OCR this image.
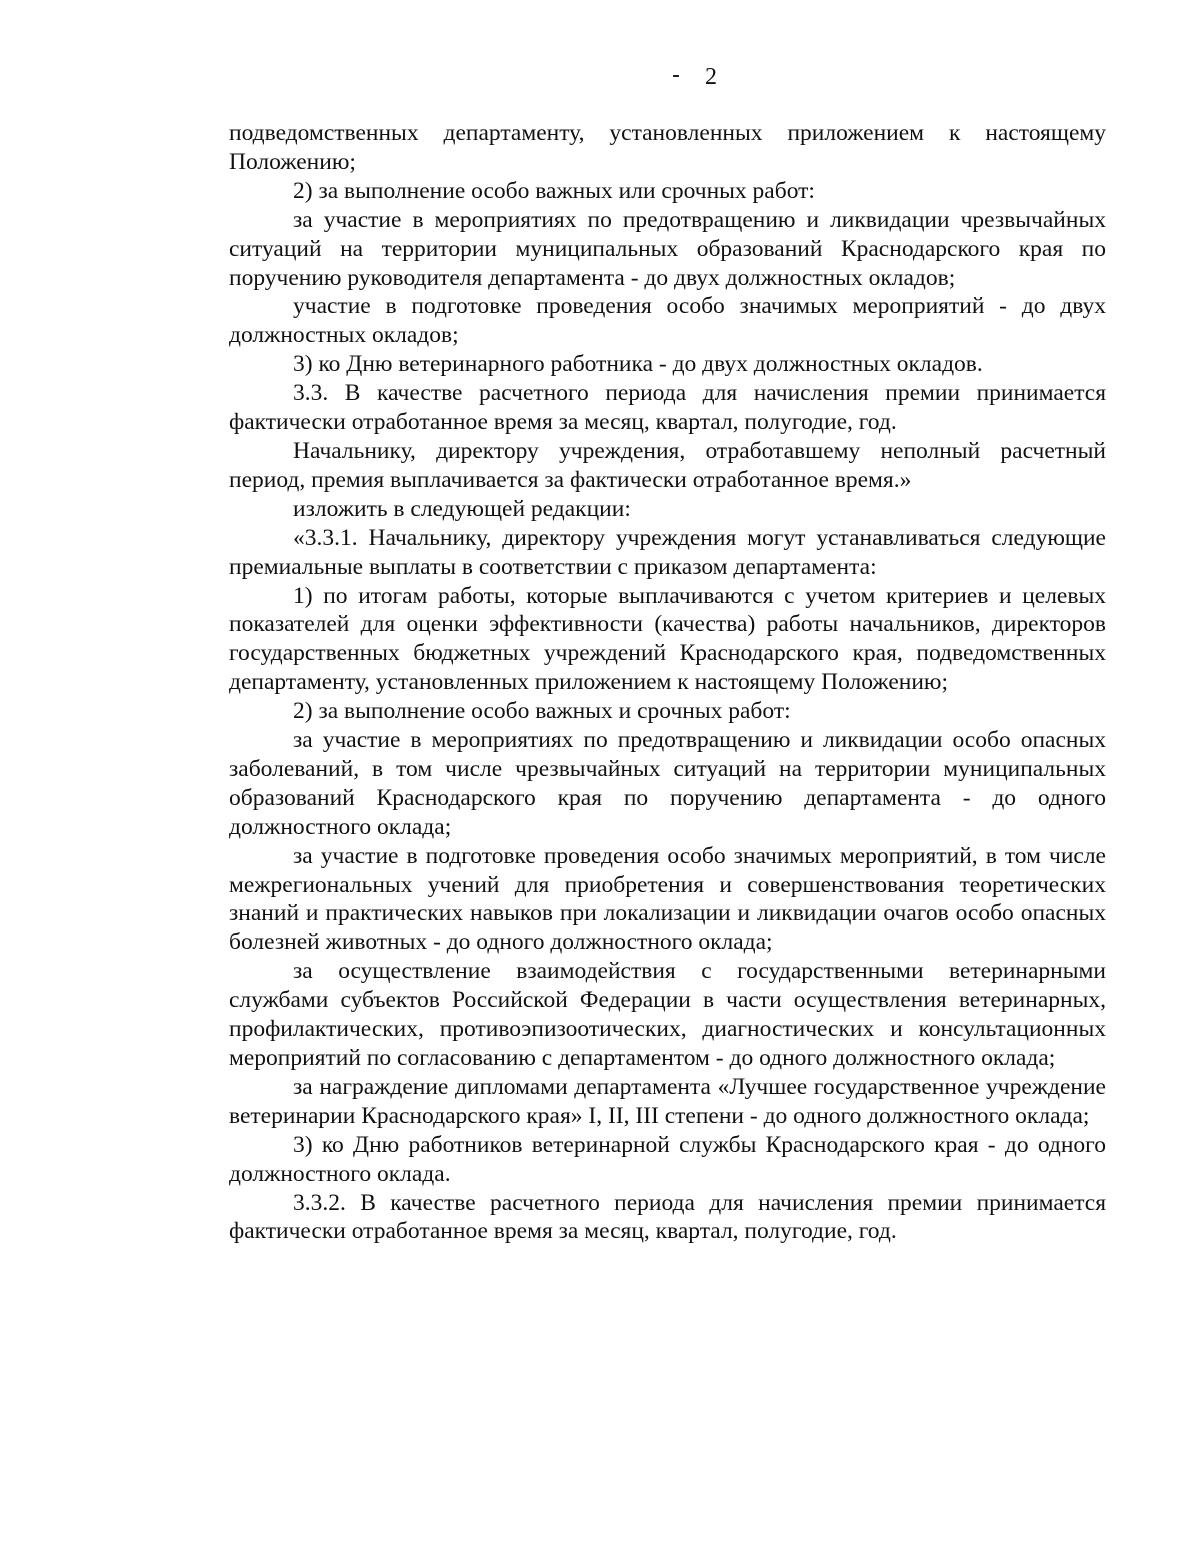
2

подведомственных департаменту, установленных приложением к настоящему Положению;

2) за выполнение особо важных или срочных работ:

за участие в мероприятиях по предотвращению и ликвидации чрезвычайных ситуаций на территории муниципальных образований Краснодарского края по поручению руководителя департамента - до двух должностных окладов;

участие в подготовке проведения особо значимых мероприятий - до двух должностных окладов;

3) ко Дню ветеринарного работника - до двух должностных окладов.

3.3. В качестве расчетного периода для начисления премии принимается фактически отработанное время за месяц, квартал, полугодие, год.

Начальнику, директору учреждения, отработавшему неполный расчетный период, премия выплачивается за фактически отработанное время.»

изложить в следующей редакции:

«3.3.1. Начальнику, директору учреждения могут устанавливаться следующие премиальные выплаты в соответствии с приказом департамента:

1) по итогам работы, которые выплачиваются с учетом критериев и целевых показателей для оценки эффективности (качества) работы начальников, директоров государственных бюджетных учреждений Краснодарского края, подведомственных департаменту, установленных приложением к настоящему Положению;

2) за выполнение особо важных и срочных работ:

за участие в мероприятиях по предотвращению и ликвидации особо опасных заболеваний, в том числе чрезвычайных ситуаций на территории муниципальных образований Краснодарского края по поручению департамента - до одного должностного оклада;

за участие в подготовке проведения особо значимых мероприятий, в том числе межрегиональных учений для приобретения и совершенствования теоретических знаний и практических навыков при локализации и ликвидации очагов особо опасных болезней животных - до одного должностного оклада;

за осуществление взаимодействия с государственными ветеринарными службами субъектов Российской Федерации в части осуществления ветеринарных, профилактических, противоэпизоотических, диагностических и консультационных мероприятий по согласованию с департаментом - до одного должностного оклада;

за награждение дипломами департамента «Лучшее государственное учреждение ветеринарии Краснодарского края» I, II, III степени - до одного должностного оклада;

3) ко Дню работников ветеринарной службы Краснодарского края - до одного должностного оклада.

3.3.2. В качестве расчетного периода для начисления премии принимается фактически отработанное время за месяц, квартал, полугодие, год.
